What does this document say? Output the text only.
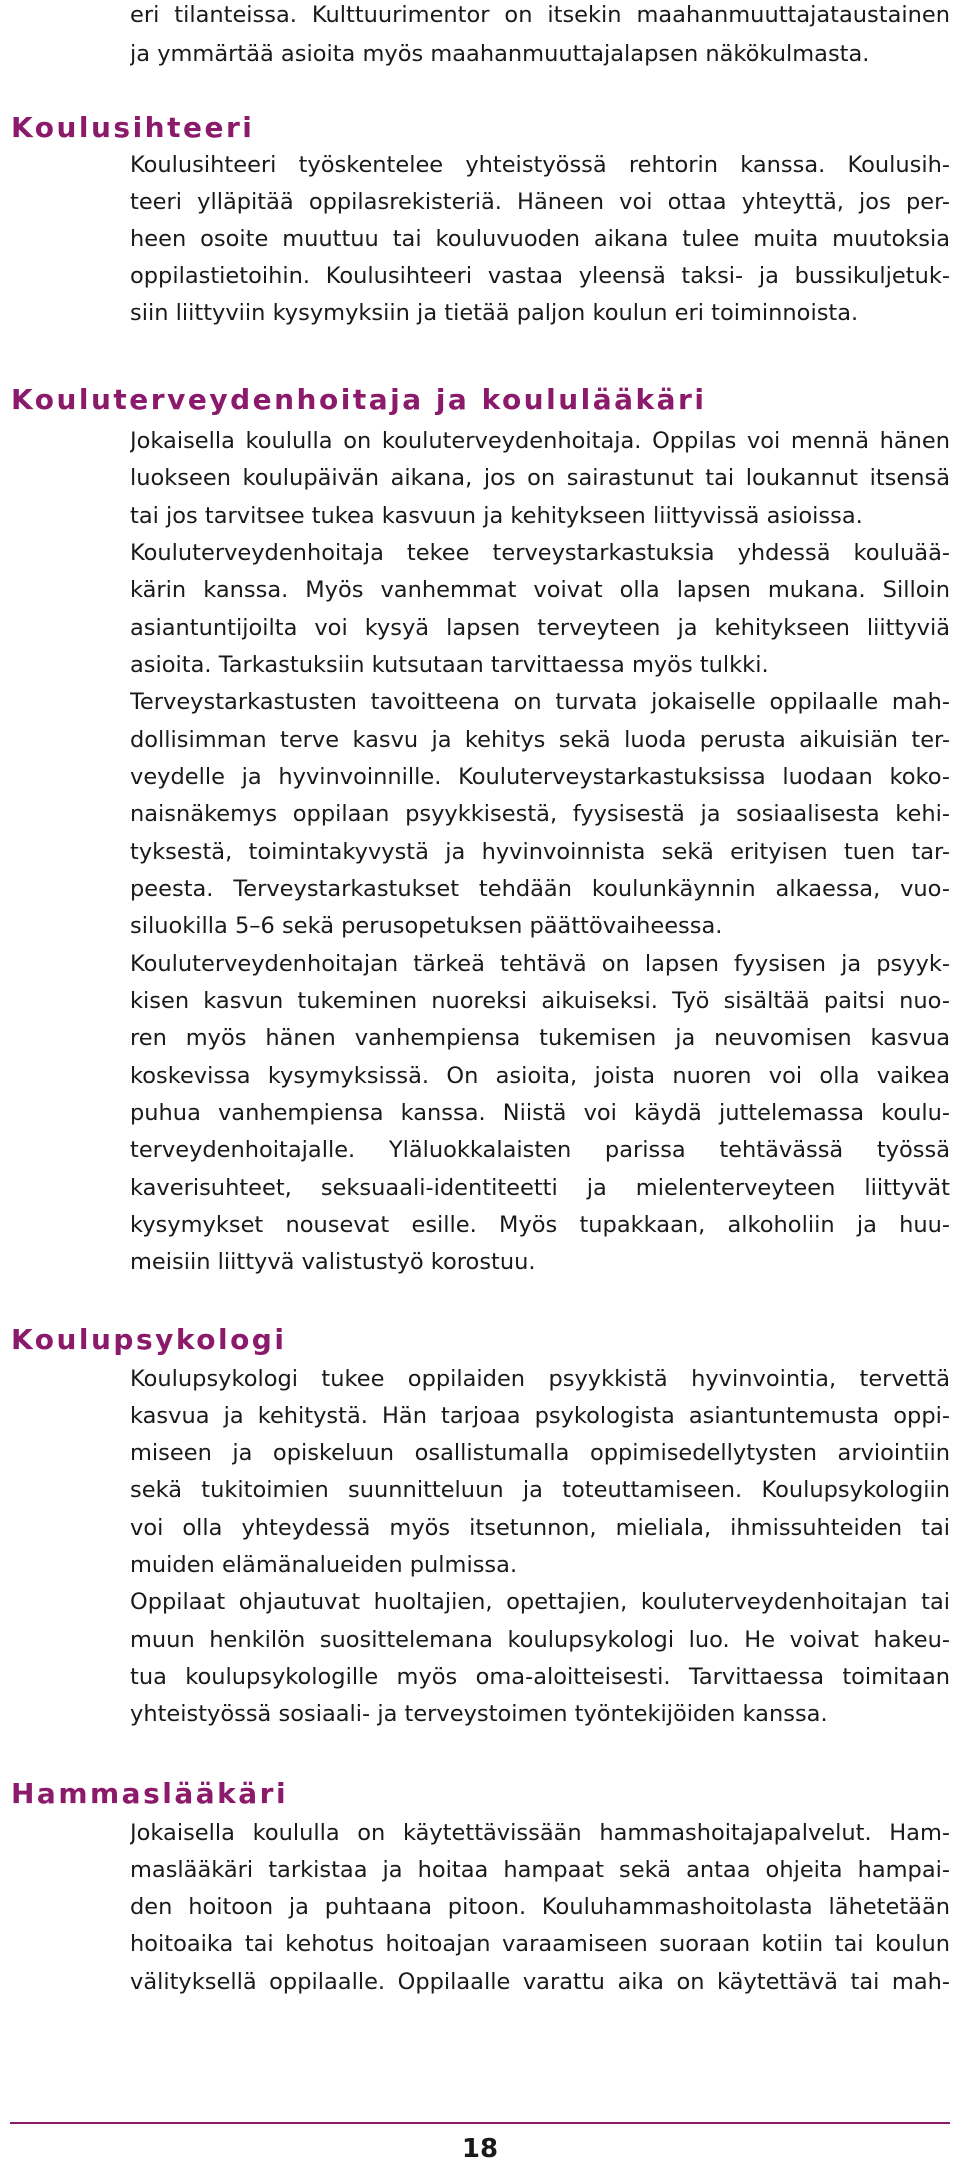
eri tilanteissa. Kulttuurimentor on itsekin maahanmuuttajataustainen
ja ymmärtää asioita myös maahanmuuttajalapsen näkökulmasta.
Koulusihteeri
Koulusihteeri työskentelee yhteistyössä rehtorin kanssa. Koulusih-
teeri ylläpitää oppilasrekisteriä. Häneen voi ottaa yhteyttä, jos per-
heen osoite muuttuu tai kouluvuoden aikana tulee muita muutoksia
oppilastietoihin. Koulusihteeri vastaa yleensä taksi- ja bussikuljetuk-
siin liittyviin kysymyksiin ja tietää paljon koulun eri toiminnoista.
Kouluterveydenhoitaja ja koululääkäri
Jokaisella koululla on kouluterveydenhoitaja. Oppilas voi mennä hänen
luokseen koulupäivän aikana, jos on sairastunut tai loukannut itsensä
tai jos tarvitsee tukea kasvuun ja kehitykseen liittyvissä asioissa.
Kouluterveydenhoitaja tekee terveystarkastuksia yhdessä kouluää-
kärin kanssa. Myös vanhemmat voivat olla lapsen mukana. Silloin
asiantuntijoilta voi kysyä lapsen terveyteen ja kehitykseen liittyviä
asioita. Tarkastuksiin kutsutaan tarvittaessa myös tulkki.
Terveystarkastusten tavoitteena on turvata jokaiselle oppilaalle mah-
dollisimman terve kasvu ja kehitys sekä luoda perusta aikuisiän ter-
veydelle ja hyvinvoinnille. Kouluterveystarkastuksissa luodaan koko-
naisnäkemys oppilaan psyykkisestä, fyysisestä ja sosiaalisesta kehi-
tyksestä, toimintakyvystä ja hyvinvoinnista sekä erityisen tuen tar-
peesta. Terveystarkastukset tehdään koulunkäynnin alkaessa, vuo-
siluokilla 5–6 sekä perusopetuksen päättövaiheessa.
Kouluterveydenhoitajan tärkeä tehtävä on lapsen fyysisen ja psyyk-
kisen kasvun tukeminen nuoreksi aikuiseksi. Työ sisältää paitsi nuo-
ren myös hänen vanhempiensa tukemisen ja neuvomisen kasvua
koskevissa kysymyksissä. On asioita, joista nuoren voi olla vaikea
puhua vanhempiensa kanssa. Niistä voi käydä juttelemassa koulu-
terveydenhoitajalle. Yläluokkalaisten parissa tehtävässä työssä
kaverisuhteet, seksuaali-identiteetti ja mielenterveyteen liittyvät
kysymykset nousevat esille. Myös tupakkaan, alkoholiin ja huu-
meisiin liittyvä valistustyö korostuu.
Koulupsykologi
Koulupsykologi tukee oppilaiden psyykkistä hyvinvointia, tervettä
kasvua ja kehitystä. Hän tarjoaa psykologista asiantuntemusta oppi-
miseen ja opiskeluun osallistumalla oppimisedellytysten arviointiin
sekä tukitoimien suunnitteluun ja toteuttamiseen. Koulupsykologiin
voi olla yhteydessä myös itsetunnon, mieliala, ihmissuhteiden tai
muiden elämänalueiden pulmissa.
Oppilaat ohjautuvat huoltajien, opettajien, kouluterveydenhoitajan tai
muun henkilön suosittelemana koulupsykologi luo. He voivat hakeu-
tua koulupsykologille myös oma-aloitteisesti. Tarvittaessa toimitaan
yhteistyössä sosiaali- ja terveystoimen työntekijöiden kanssa.
Hammaslääkäri
Jokaisella koululla on käytettävissään hammashoitajapalvelut. Ham-
maslääkäri tarkistaa ja hoitaa hampaat sekä antaa ohjeita hampai-
den hoitoon ja puhtaana pitoon. Kouluhammashoitolasta lähetetään
hoitoaika tai kehotus hoitoajan varaamiseen suoraan kotiin tai koulun
välityksellä oppilaalle. Oppilaalle varattu aika on käytettävä tai mah-
18
